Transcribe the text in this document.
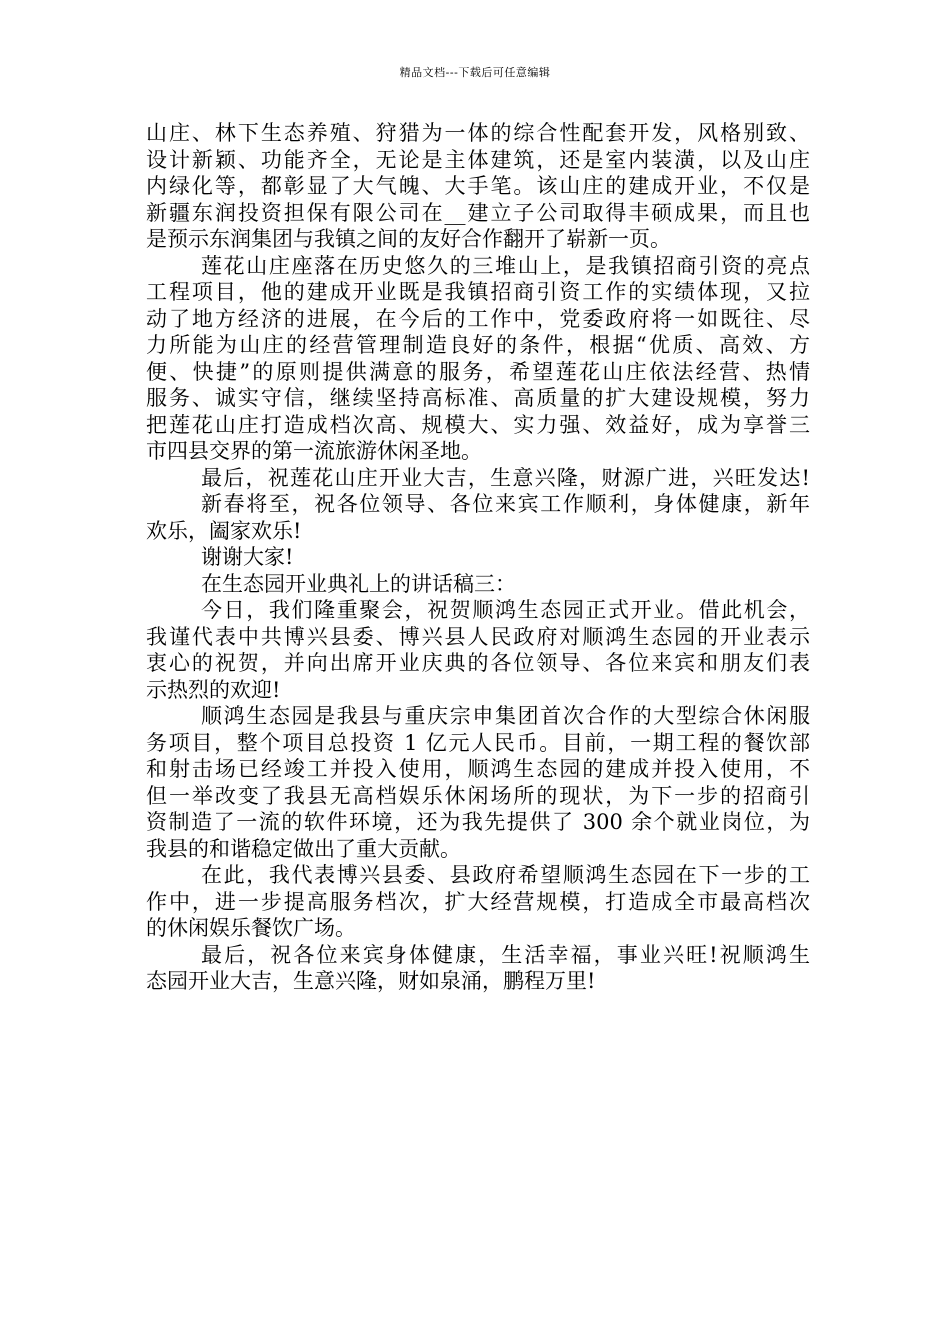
精品文档---下载后可任意编辑
山庄、林下生态养殖、狩猎为一体的综合性配套开发，风格别致、
设计新颖、功能齐全，无论是主体建筑，还是室内装潢，以及山庄
内绿化等，都彰显了大气魄、大手笔。该山庄的建成开业，不仅是
新疆东润投资担保有限公司在__建立子公司取得丰硕成果，而且也
是预示东润集团与我镇之间的友好合作翻开了崭新一页。
莲花山庄座落在历史悠久的三堆山上，是我镇招商引资的亮点
工程项目，他的建成开业既是我镇招商引资工作的实绩体现，又拉
动了地方经济的进展，在今后的工作中，党委政府将一如既往、尽
力所能为山庄的经营管理制造良好的条件，根据“优质、高效、方
便、快捷”的原则提供满意的服务，希望莲花山庄依法经营、热情
服务、诚实守信，继续坚持高标准、高质量的扩大建设规模，努力
把莲花山庄打造成档次高、规模大、实力强、效益好，成为享誉三
市四县交界的第一流旅游休闲圣地。
最后，祝莲花山庄开业大吉，生意兴隆，财源广进，兴旺发达!
新春将至，祝各位领导、各位来宾工作顺利，身体健康，新年
欢乐，阖家欢乐!
谢谢大家!
在生态园开业典礼上的讲话稿三：
今日，我们隆重聚会，祝贺顺鸿生态园正式开业。借此机会，
我谨代表中共博兴县委、博兴县人民政府对顺鸿生态园的开业表示
衷心的祝贺，并向出席开业庆典的各位领导、各位来宾和朋友们表
示热烈的欢迎!
顺鸿生态园是我县与重庆宗申集团首次合作的大型综合休闲服
务项目，整个项目总投资 1 亿元人民币。目前，一期工程的餐饮部
和射击场已经竣工并投入使用，顺鸿生态园的建成并投入使用，不
但一举改变了我县无高档娱乐休闲场所的现状，为下一步的招商引
资制造了一流的软件环境，还为我先提供了 300 余个就业岗位，为
我县的和谐稳定做出了重大贡献。
在此，我代表博兴县委、县政府希望顺鸿生态园在下一步的工
作中，进一步提高服务档次，扩大经营规模，打造成全市最高档次
的休闲娱乐餐饮广场。
最后，祝各位来宾身体健康，生活幸福，事业兴旺!祝顺鸿生
态园开业大吉，生意兴隆，财如泉涌，鹏程万里!
